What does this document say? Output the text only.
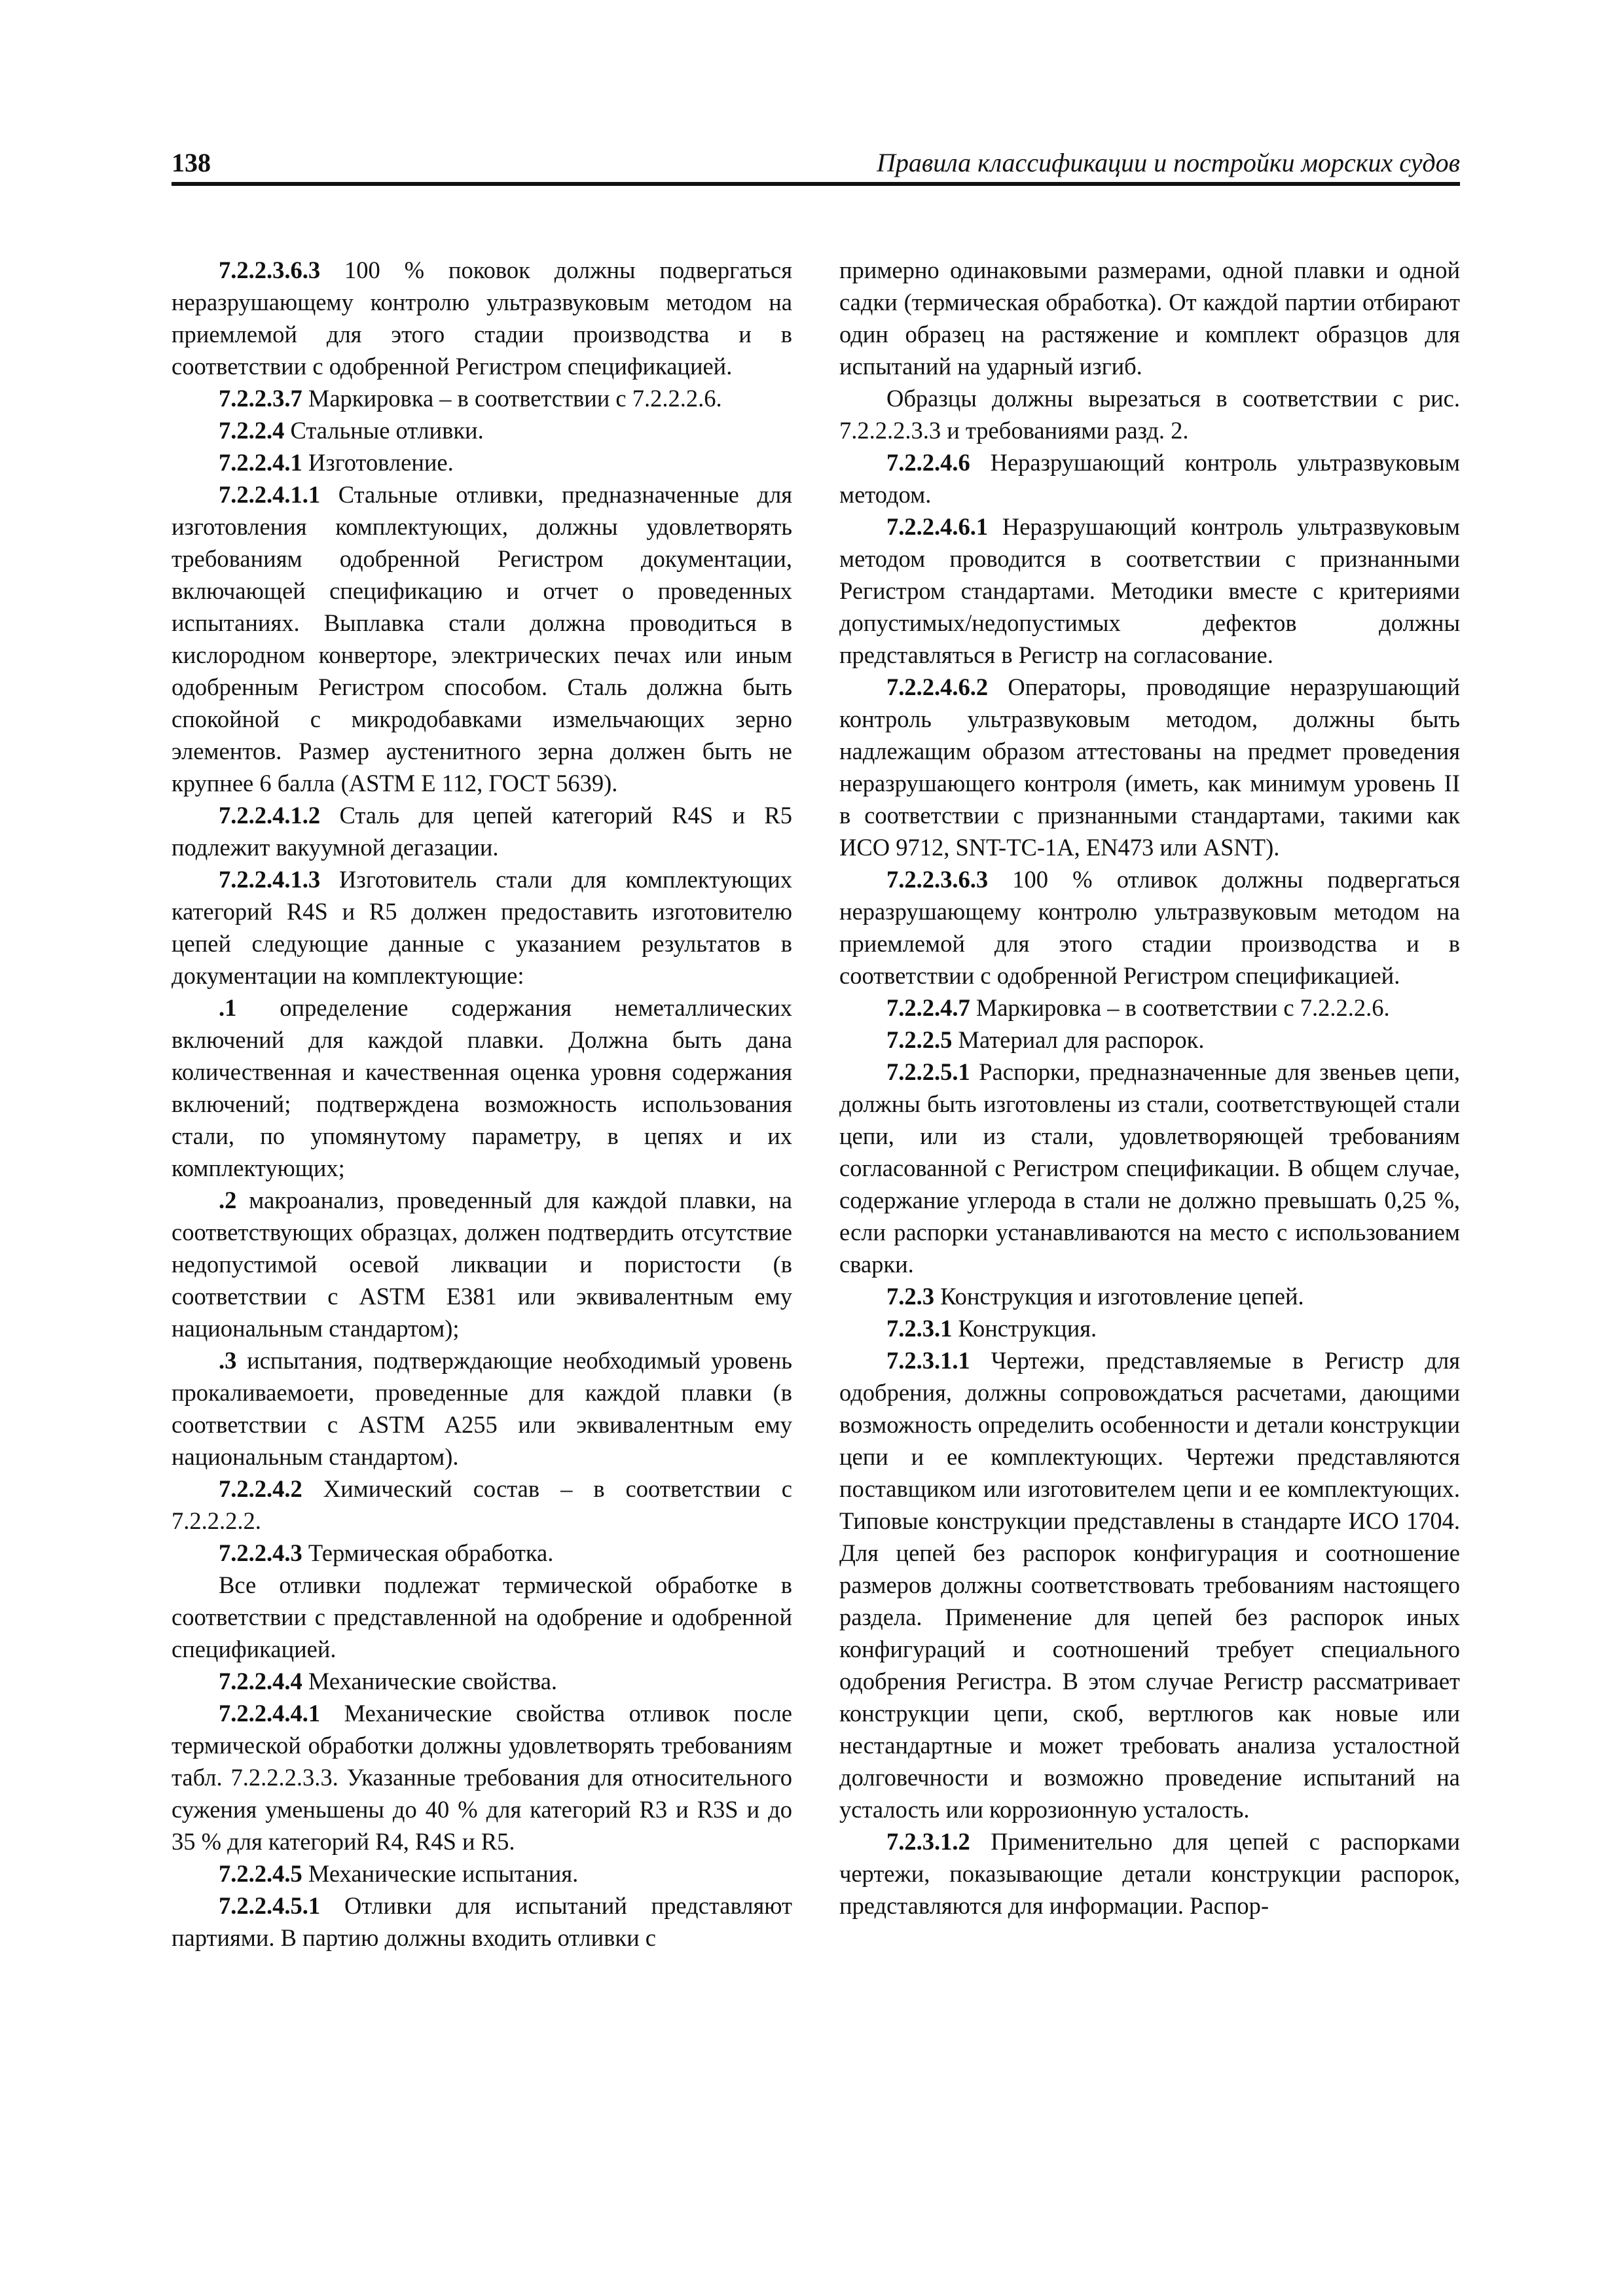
138	Правила классификации и постройки морских судов

7.2.2.3.6.3 100 % поковок должны подвергаться неразрушающему контролю ультразвуковым методом на приемлемой для этого стадии производства и в соответствии с одобренной Регистром спецификацией.

7.2.2.3.7 Маркировка – в соответствии с 7.2.2.2.6.

7.2.2.4 Стальные отливки.

7.2.2.4.1 Изготовление.

7.2.2.4.1.1 Стальные отливки, предназначенные для изготовления комплектующих, должны удовлетворять требованиям одобренной Регистром документации, включающей спецификацию и отчет о проведенных испытаниях. Выплавка стали должна проводиться в кислородном конверторе, электрических печах или иным одобренным Регистром способом. Сталь должна быть спокойной с микродобавками измельчающих зерно элементов. Размер аустенитного зерна должен быть не крупнее 6 балла (ASTM E 112, ГОСТ 5639).

7.2.2.4.1.2 Сталь для цепей категорий R4S и R5 подлежит вакуумной дегазации.

7.2.2.4.1.3 Изготовитель стали для комплектующих категорий R4S и R5 должен предоставить изготовителю цепей следующие данные с указанием результатов в документации на комплектующие:

.1 определение содержания неметаллических включений для каждой плавки. Должна быть дана количественная и качественная оценка уровня содержания включений; подтверждена возможность использования стали, по упомянутому параметру, в цепях и их комплектующих;

.2 макроанализ, проведенный для каждой плавки, на соответствующих образцах, должен подтвердить отсутствие недопустимой осевой ликвации и пористости (в соответствии с ASTM E381 или эквивалентным ему национальным стандартом);

.3 испытания, подтверждающие необходимый уровень прокаливаемоети, проведенные для каждой плавки (в соответствии с ASTM A255 или эквивалентным ему национальным стандартом).

7.2.2.4.2 Химический состав – в соответствии с 7.2.2.2.2.

7.2.2.4.3 Термическая обработка.

Все отливки подлежат термической обработке в соответствии с представленной на одобрение и одобренной спецификацией.

7.2.2.4.4 Механические свойства.

7.2.2.4.4.1 Механические свойства отливок после термической обработки должны удовлетворять требованиям табл. 7.2.2.2.3.3. Указанные требования для относительного сужения уменьшены до 40 % для категорий R3 и R3S и до 35 % для категорий R4, R4S и R5.

7.2.2.4.5 Механические испытания.

7.2.2.4.5.1 Отливки для испытаний представляют партиями. В партию должны входить отливки с

примерно одинаковыми размерами, одной плавки и одной садки (термическая обработка). От каждой партии отбирают один образец на растяжение и комплект образцов для испытаний на ударный изгиб.

Образцы должны вырезаться в соответствии с рис. 7.2.2.2.3.3 и требованиями разд. 2.

7.2.2.4.6 Неразрушающий контроль ультразвуковым методом.

7.2.2.4.6.1 Неразрушающий контроль ультразвуковым методом проводится в соответствии с признанными Регистром стандартами. Методики вместе с критериями допустимых/недопустимых дефектов должны представляться в Регистр на согласование.

7.2.2.4.6.2 Операторы, проводящие неразрушающий контроль ультразвуковым методом, должны быть надлежащим образом аттестованы на предмет проведения неразрушающего контроля (иметь, как минимум уровень II в соответствии с признанными стандартами, такими как ИСО 9712, SNT-TC-1A, EN473 или ASNT).

7.2.2.3.6.3 100 % отливок должны подвергаться неразрушающему контролю ультразвуковым методом на приемлемой для этого стадии производства и в соответствии с одобренной Регистром спецификацией.

7.2.2.4.7 Маркировка – в соответствии с 7.2.2.2.6.

7.2.2.5 Материал для распорок.

7.2.2.5.1 Распорки, предназначенные для звеньев цепи, должны быть изготовлены из стали, соответствующей стали цепи, или из стали, удовлетворяющей требованиям согласованной с Регистром спецификации. В общем случае, содержание углерода в стали не должно превышать 0,25 %, если распорки устанавливаются на место с использованием сварки.

7.2.3 Конструкция и изготовление цепей.

7.2.3.1 Конструкция.

7.2.3.1.1 Чертежи, представляемые в Регистр для одобрения, должны сопровождаться расчетами, дающими возможность определить особенности и детали конструкции цепи и ее комплектующих. Чертежи представляются поставщиком или изготовителем цепи и ее комплектующих. Типовые конструкции представлены в стандарте ИСО 1704. Для цепей без распорок конфигурация и соотношение размеров должны соответствовать требованиям настоящего раздела. Применение для цепей без распорок иных конфигураций и соотношений требует специального одобрения Регистра. В этом случае Регистр рассматривает конструкции цепи, скоб, вертлюгов как новые или нестандартные и может требовать анализа усталостной долговечности и возможно проведение испытаний на усталость или коррозионную усталость.

7.2.3.1.2 Применительно для цепей с распорками чертежи, показывающие детали конструкции распорок, представляются для информации. Распор-
